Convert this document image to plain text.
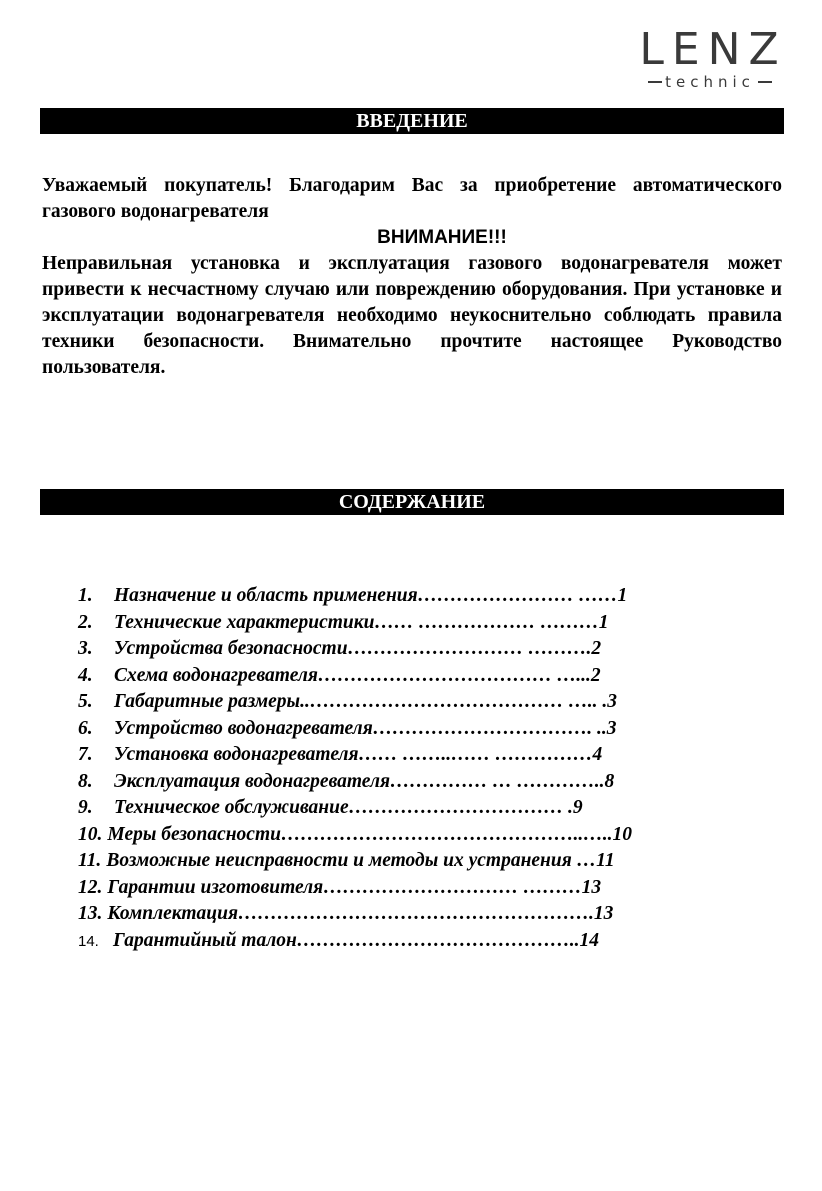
LENZ
technic
ВВЕДЕНИЕ

Уважаемый покупатель! Благодарим Вас за приобретение автоматического газового водонагревателя

ВНИМАНИЕ!!!

Неправильная установка и эксплуатация газового водонагревателя может привести к несчастному случаю или повреждению оборудования. При установке и эксплуатации водонагревателя необходимо неукоснительно соблюдать правила техники безопасности. Внимательно прочтите настоящее Руководство пользователя.

СОДЕРЖАНИЕ
1. Назначение и область применения…………………… ……1
2. Технические характеристики…… ……………… ………1
3. Устройства безопасности……………………… ……….2
4. Схема водонагревателя……………………………… …...2
5. Габаритные размеры..………………………………… ….. .3
6. Устройство водонагревателя……………………………. ..3
7. Установка водонагревателя…… ……..…… ……………4
8. Эксплуатация водонагревателя…………… … …………..8
9. Техническое обслуживание…………………………… .9
10. Меры безопасности………………………………………..…..10
11. Возможные неисправности и методы их устранения …11
12. Гарантии изготовителя………………………… ………13
13. Комплектация……………………………………………….13
14. Гарантийный талон……………………………………..14
